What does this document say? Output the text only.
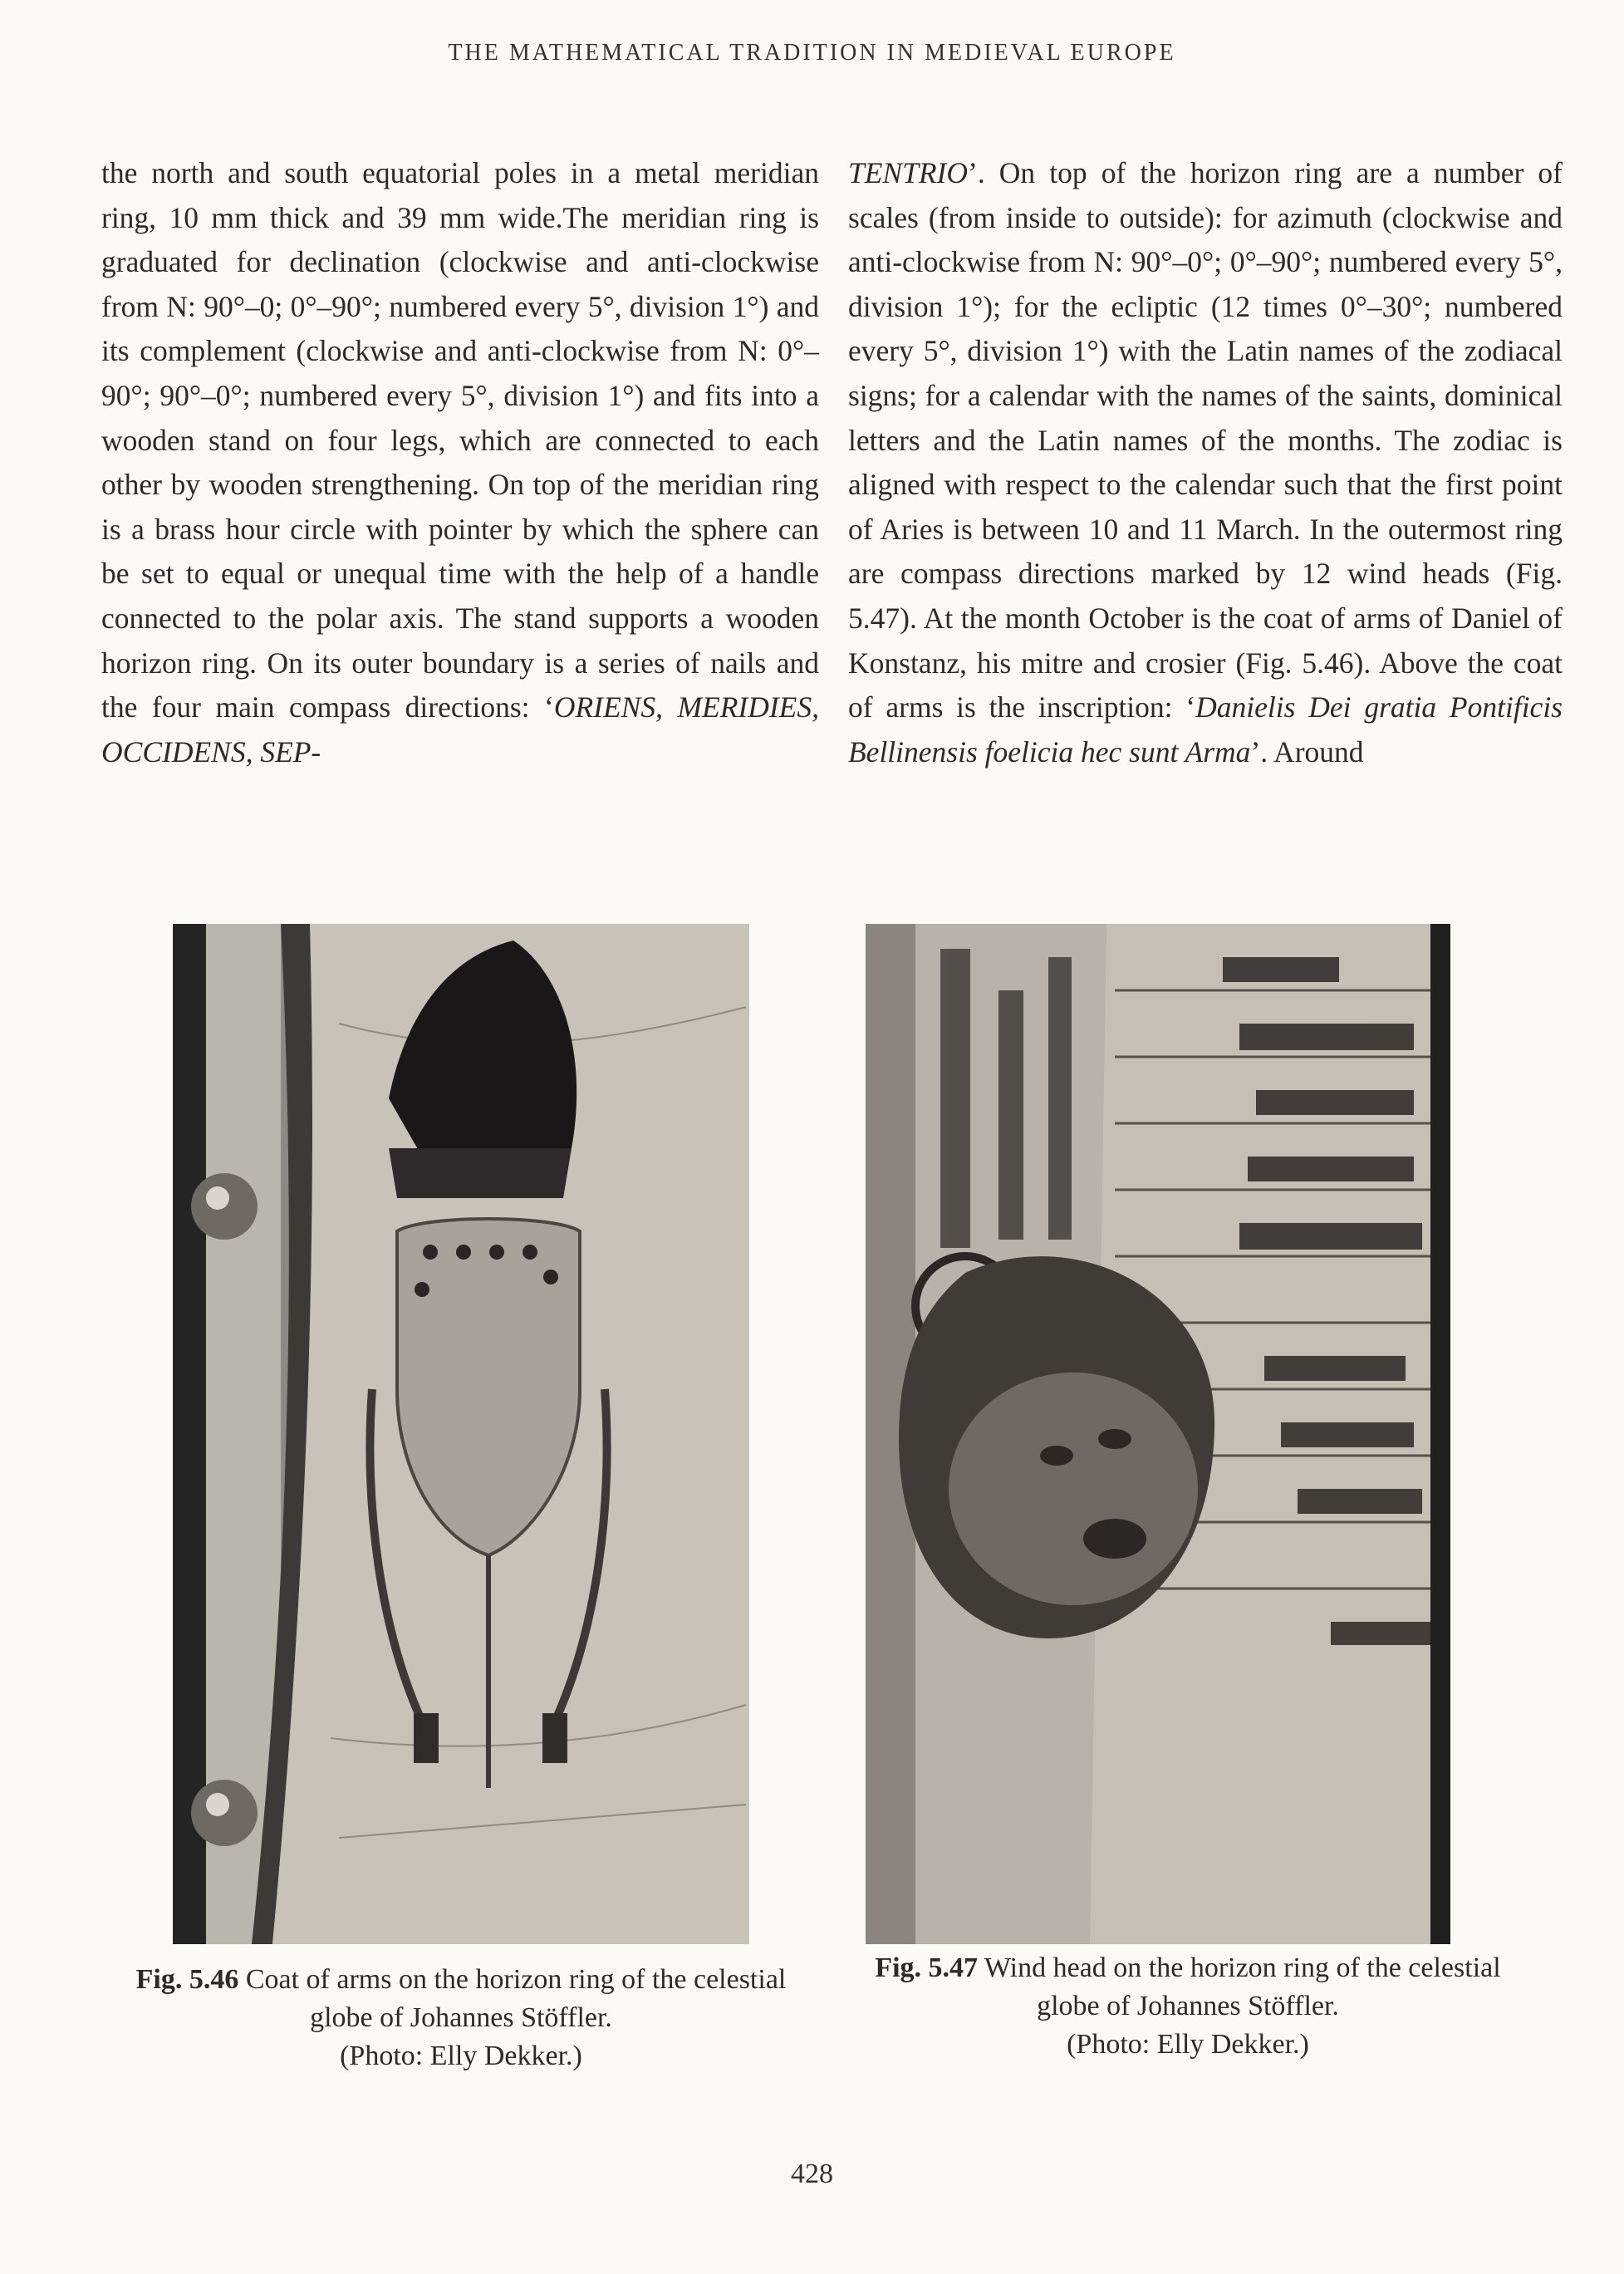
THE MATHEMATICAL TRADITION IN MEDIEVAL EUROPE

the north and south equatorial poles in a metal meridian ring, 10 mm thick and 39 mm wide.The meridian ring is graduated for declination (clockwise and anti-clockwise from N: 90°–0; 0°–90°; numbered every 5°, division 1°) and its complement (clockwise and anti-clockwise from N: 0°–90°; 90°–0°; numbered every 5°, division 1°) and fits into a wooden stand on four legs, which are connected to each other by wooden strengthening. On top of the meridian ring is a brass hour circle with pointer by which the sphere can be set to equal or unequal time with the help of a handle connected to the polar axis. The stand supports a wooden horizon ring. On its outer boundary is a series of nails and the four main compass directions: ‘ORIENS, MERIDIES, OCCIDENS, SEP-

TENTRIO’. On top of the horizon ring are a number of scales (from inside to outside): for azimuth (clockwise and anti-clockwise from N: 90°–0°; 0°–90°; numbered every 5°, division 1°); for the ecliptic (12 times 0°–30°; numbered every 5°, division 1°) with the Latin names of the zodiacal signs; for a calendar with the names of the saints, dominical letters and the Latin names of the months. The zodiac is aligned with respect to the calendar such that the first point of Aries is between 10 and 11 March. In the outermost ring are compass directions marked by 12 wind heads (Fig. 5.47). At the month October is the coat of arms of Daniel of Konstanz, his mitre and crosier (Fig. 5.46). Above the coat of arms is the inscription: ‘Danielis Dei gratia Pontificis Bellinensis foelicia hec sunt Arma’. Around

Fig. 5.46 Coat of arms on the horizon ring of the celestial globe of Johannes Stöffler.
(Photo: Elly Dekker.)
Fig. 5.47 Wind head on the horizon ring of the celestial globe of Johannes Stöffler.
(Photo: Elly Dekker.)
428
